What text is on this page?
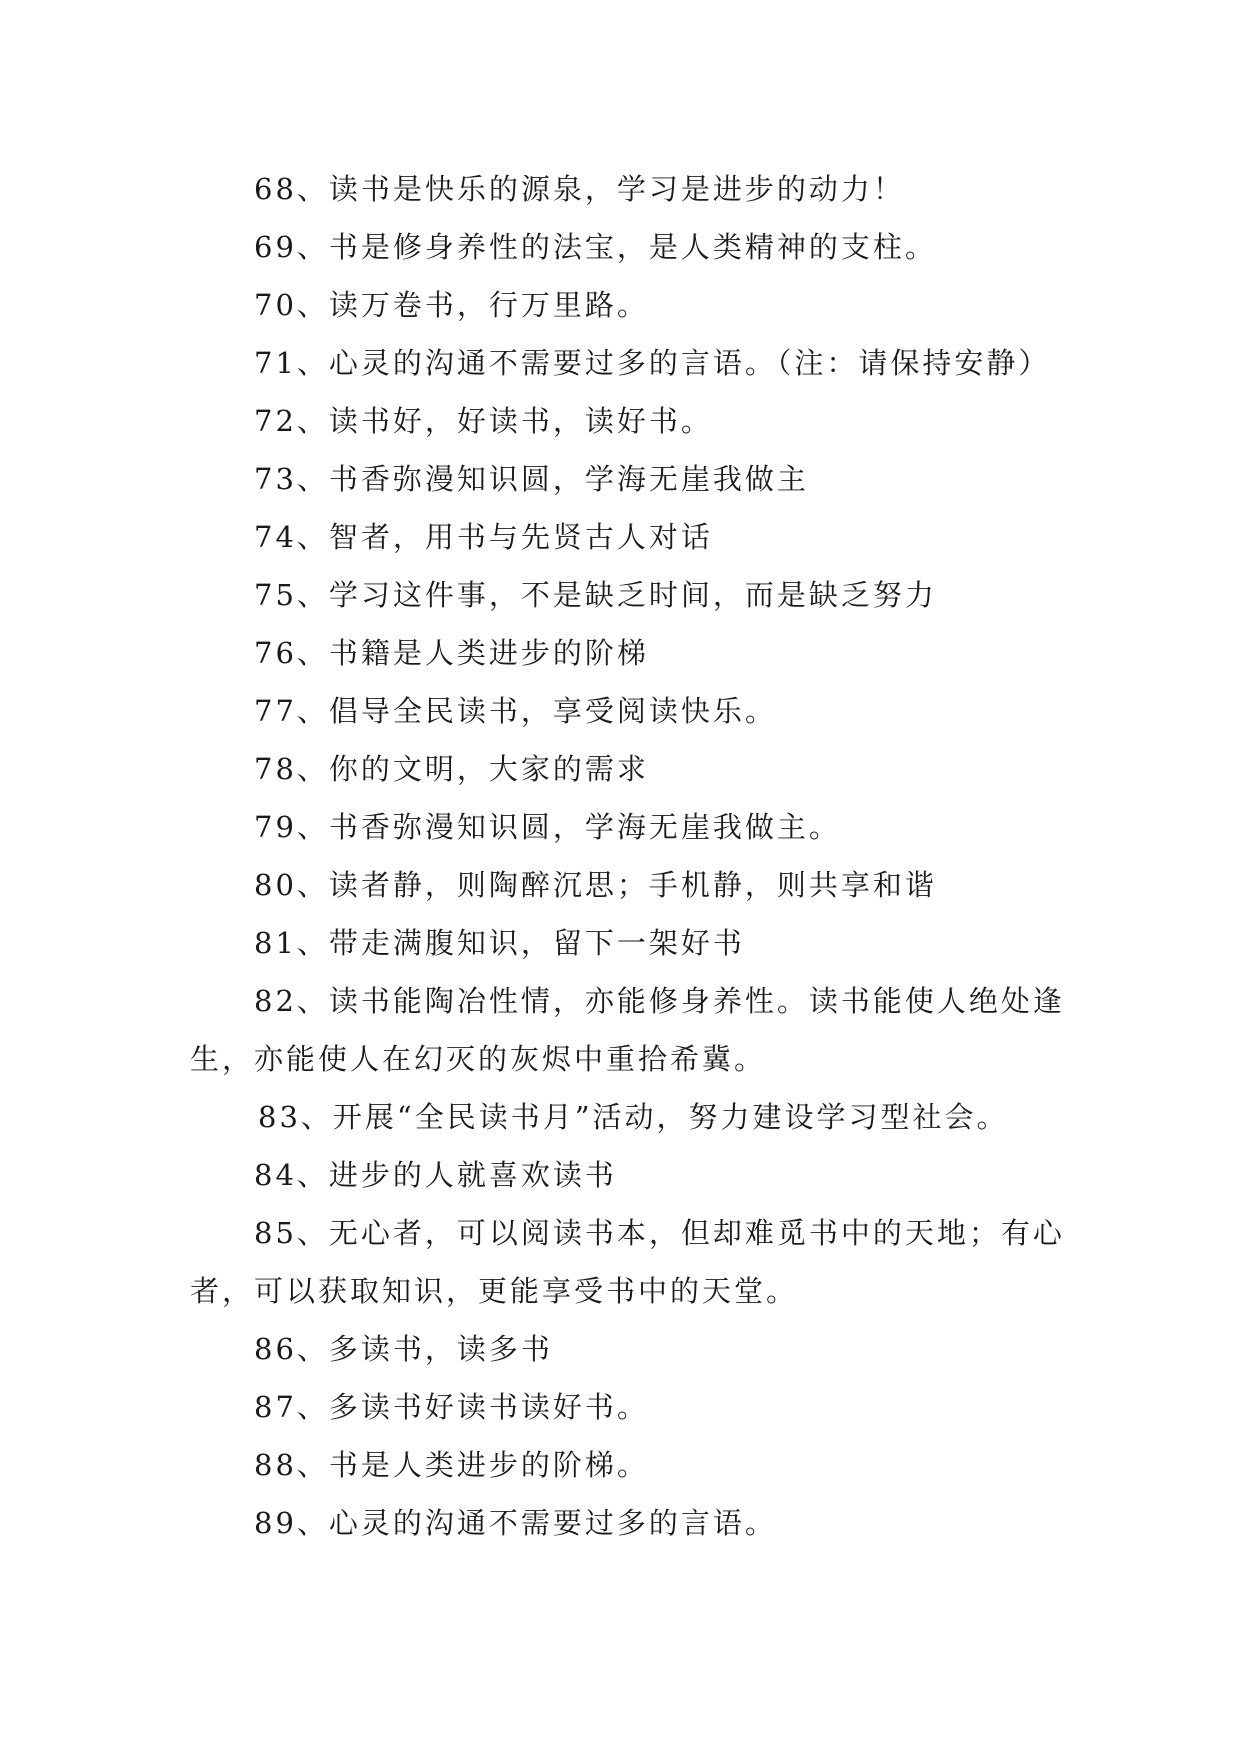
68、读书是快乐的源泉，学习是进步的动力！

69、书是修身养性的法宝，是人类精神的支柱。

70、读万卷书，行万里路。

71、心灵的沟通不需要过多的言语。（注：请保持安静）

72、读书好，好读书，读好书。

73、书香弥漫知识圆，学海无崖我做主

74、智者，用书与先贤古人对话

75、学习这件事，不是缺乏时间，而是缺乏努力

76、书籍是人类进步的阶梯

77、倡导全民读书，享受阅读快乐。

78、你的文明，大家的需求

79、书香弥漫知识圆，学海无崖我做主。

80、读者静，则陶醉沉思；手机静，则共享和谐

81、带走满腹知识，留下一架好书

82、读书能陶冶性情，亦能修身养性。读书能使人绝处逢生，亦能使人在幻灭的灰烬中重拾希冀。

83、开展“全民读书月”活动，努力建设学习型社会。

84、进步的人就喜欢读书

85、无心者，可以阅读书本，但却难觅书中的天地；有心者，可以获取知识，更能享受书中的天堂。

86、多读书，读多书

87、多读书好读书读好书。

88、书是人类进步的阶梯。

89、心灵的沟通不需要过多的言语。
